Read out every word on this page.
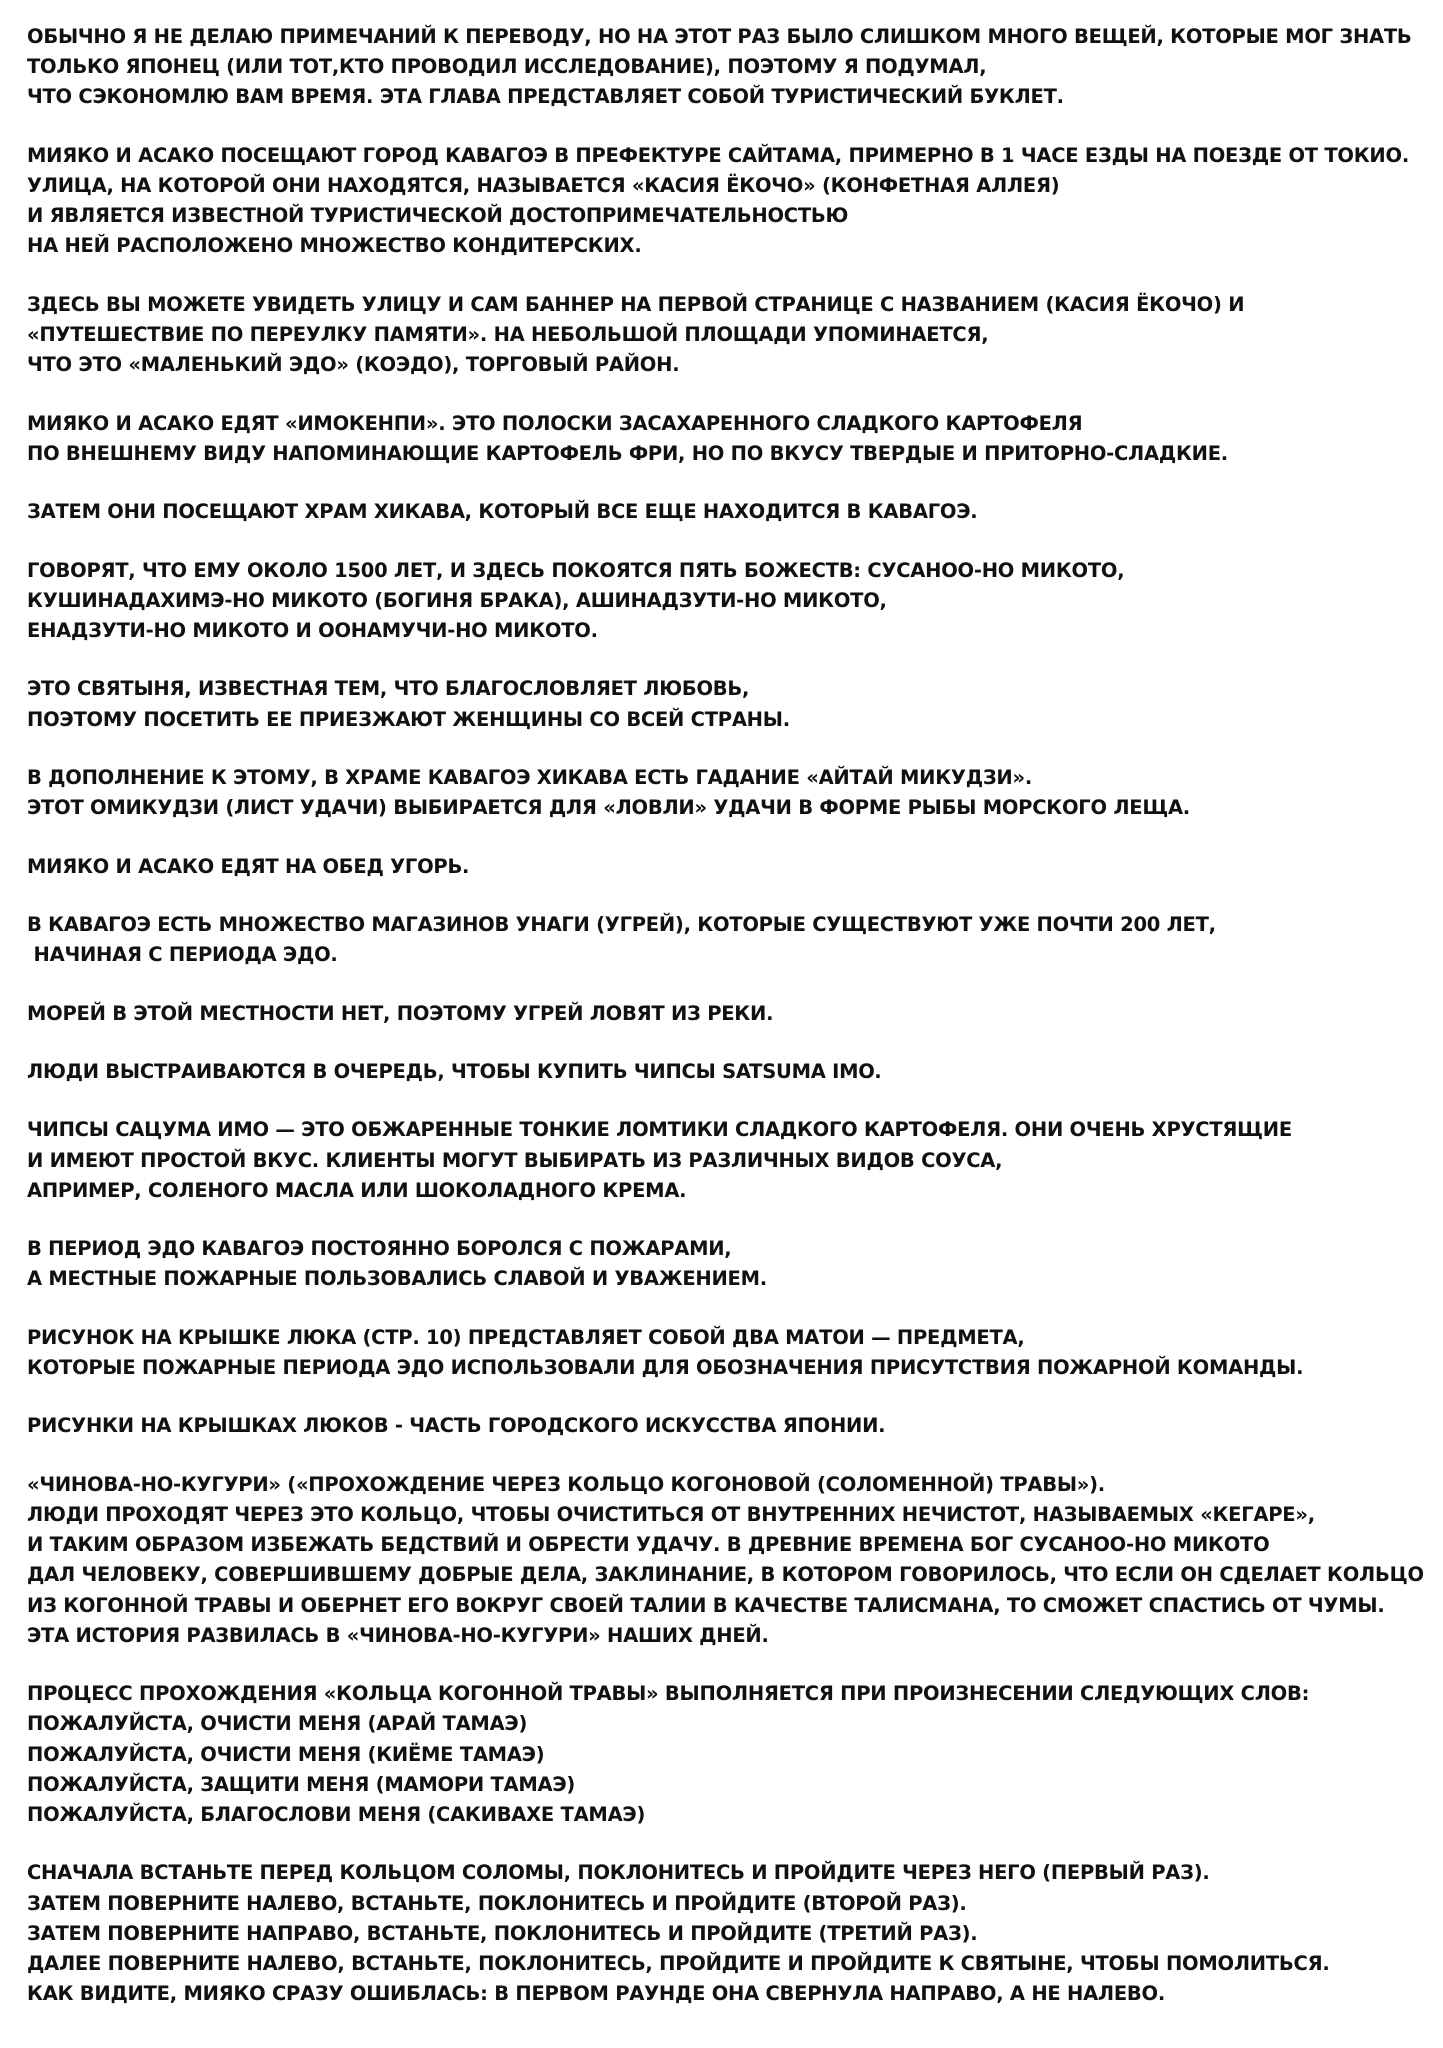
ОБЫЧНО Я НЕ ДЕЛАЮ ПРИМЕЧАНИЙ К ПЕРЕВОДУ, НО НА ЭТОТ РАЗ БЫЛО СЛИШКОМ МНОГО ВЕЩЕЙ, КОТОРЫЕ МОГ ЗНАТЬ
ТОЛЬКО ЯПОНЕЦ (ИЛИ ТОТ,КТО ПРОВОДИЛ ИССЛЕДОВАНИЕ), ПОЭТОМУ Я ПОДУМАЛ,
ЧТО СЭКОНОМЛЮ ВАМ ВРЕМЯ. ЭТА ГЛАВА ПРЕДСТАВЛЯЕТ СОБОЙ ТУРИСТИЧЕСКИЙ БУКЛЕТ.
МИЯКО И АСАКО ПОСЕЩАЮТ ГОРОД КАВАГОЭ В ПРЕФЕКТУРЕ САЙТАМА, ПРИМЕРНО В 1 ЧАСЕ ЕЗДЫ НА ПОЕЗДЕ ОТ ТОКИО.
УЛИЦА, НА КОТОРОЙ ОНИ НАХОДЯТСЯ, НАЗЫВАЕТСЯ «КАСИЯ ЁКОЧО» (КОНФЕТНАЯ АЛЛЕЯ)
И ЯВЛЯЕТСЯ ИЗВЕСТНОЙ ТУРИСТИЧЕСКОЙ ДОСТОПРИМЕЧАТЕЛЬНОСТЬЮ
НА НЕЙ РАСПОЛОЖЕНО МНОЖЕСТВО КОНДИТЕРСКИХ.
ЗДЕСЬ ВЫ МОЖЕТЕ УВИДЕТЬ УЛИЦУ И САМ БАННЕР НА ПЕРВОЙ СТРАНИЦЕ С НАЗВАНИЕМ (КАСИЯ ЁКОЧО) И
«ПУТЕШЕСТВИЕ ПО ПЕРЕУЛКУ ПАМЯТИ». НА НЕБОЛЬШОЙ ПЛОЩАДИ УПОМИНАЕТСЯ,
ЧТО ЭТО «МАЛЕНЬКИЙ ЭДО» (КОЭДО), ТОРГОВЫЙ РАЙОН.
МИЯКО И АСАКО ЕДЯТ «ИМОКЕНПИ». ЭТО ПОЛОСКИ ЗАСАХАРЕННОГО СЛАДКОГО КАРТОФЕЛЯ
ПО ВНЕШНЕМУ ВИДУ НАПОМИНАЮЩИЕ КАРТОФЕЛЬ ФРИ, НО ПО ВКУСУ ТВЕРДЫЕ И ПРИТОРНО-СЛАДКИЕ.
ЗАТЕМ ОНИ ПОСЕЩАЮТ ХРАМ ХИКАВА, КОТОРЫЙ ВСЕ ЕЩЕ НАХОДИТСЯ В КАВАГОЭ.
ГОВОРЯТ, ЧТО ЕМУ ОКОЛО 1500 ЛЕТ, И ЗДЕСЬ ПОКОЯТСЯ ПЯТЬ БОЖЕСТВ: СУСАНОО-НО МИКОТО,
КУШИНАДАХИМЭ-НО МИКОТО (БОГИНЯ БРАКА), АШИНАДЗУТИ-НО МИКОТО,
ЕНАДЗУТИ-НО МИКОТО И ООНАМУЧИ-НО МИКОТО.
ЭТО СВЯТЫНЯ, ИЗВЕСТНАЯ ТЕМ, ЧТО БЛАГОСЛОВЛЯЕТ ЛЮБОВЬ,
ПОЭТОМУ ПОСЕТИТЬ ЕЕ ПРИЕЗЖАЮТ ЖЕНЩИНЫ СО ВСЕЙ СТРАНЫ.
В ДОПОЛНЕНИЕ К ЭТОМУ, В ХРАМЕ КАВАГОЭ ХИКАВА ЕСТЬ ГАДАНИЕ «АЙТАЙ МИКУДЗИ».
ЭТОТ ОМИКУДЗИ (ЛИСТ УДАЧИ) ВЫБИРАЕТСЯ ДЛЯ «ЛОВЛИ» УДАЧИ В ФОРМЕ РЫБЫ МОРСКОГО ЛЕЩА.
МИЯКО И АСАКО ЕДЯТ НА ОБЕД УГОРЬ.
В КАВАГОЭ ЕСТЬ МНОЖЕСТВО МАГАЗИНОВ УНАГИ (УГРЕЙ), КОТОРЫЕ СУЩЕСТВУЮТ УЖЕ ПОЧТИ 200 ЛЕТ,
НАЧИНАЯ С ПЕРИОДА ЭДО.
МОРЕЙ В ЭТОЙ МЕСТНОСТИ НЕТ, ПОЭТОМУ УГРЕЙ ЛОВЯТ ИЗ РЕКИ.
ЛЮДИ ВЫСТРАИВАЮТСЯ В ОЧЕРЕДЬ, ЧТОБЫ КУПИТЬ ЧИПСЫ SATSUMA IMO.
ЧИПСЫ САЦУМА ИМО — ЭТО ОБЖАРЕННЫЕ ТОНКИЕ ЛОМТИКИ СЛАДКОГО КАРТОФЕЛЯ. ОНИ ОЧЕНЬ ХРУСТЯЩИЕ
И ИМЕЮТ ПРОСТОЙ ВКУС. КЛИЕНТЫ МОГУТ ВЫБИРАТЬ ИЗ РАЗЛИЧНЫХ ВИДОВ СОУСА,
АПРИМЕР, СОЛЕНОГО МАСЛА ИЛИ ШОКОЛАДНОГО КРЕМА.
В ПЕРИОД ЭДО КАВАГОЭ ПОСТОЯННО БОРОЛСЯ С ПОЖАРАМИ,
А МЕСТНЫЕ ПОЖАРНЫЕ ПОЛЬЗОВАЛИСЬ СЛАВОЙ И УВАЖЕНИЕМ.
РИСУНОК НА КРЫШКЕ ЛЮКА (СТР. 10) ПРЕДСТАВЛЯЕТ СОБОЙ ДВА МАТОИ — ПРЕДМЕТА,
КОТОРЫЕ ПОЖАРНЫЕ ПЕРИОДА ЭДО ИСПОЛЬЗОВАЛИ ДЛЯ ОБОЗНАЧЕНИЯ ПРИСУТСТВИЯ ПОЖАРНОЙ КОМАНДЫ.
РИСУНКИ НА КРЫШКАХ ЛЮКОВ - ЧАСТЬ ГОРОДСКОГО ИСКУССТВА ЯПОНИИ.
«ЧИНОВА-НО-КУГУРИ» («ПРОХОЖДЕНИЕ ЧЕРЕЗ КОЛЬЦО КОГОНОВОЙ (СОЛОМЕННОЙ) ТРАВЫ»).
ЛЮДИ ПРОХОДЯТ ЧЕРЕЗ ЭТО КОЛЬЦО, ЧТОБЫ ОЧИСТИТЬСЯ ОТ ВНУТРЕННИХ НЕЧИСТОТ, НАЗЫВАЕМЫХ «КЕГАРЕ»,
И ТАКИМ ОБРАЗОМ ИЗБЕЖАТЬ БЕДСТВИЙ И ОБРЕСТИ УДАЧУ. В ДРЕВНИЕ ВРЕМЕНА БОГ СУСАНОО-НО МИКОТО
ДАЛ ЧЕЛОВЕКУ, СОВЕРШИВШЕМУ ДОБРЫЕ ДЕЛА, ЗАКЛИНАНИЕ, В КОТОРОМ ГОВОРИЛОСЬ, ЧТО ЕСЛИ ОН СДЕЛАЕТ КОЛЬЦО
ИЗ КОГОННОЙ ТРАВЫ И ОБЕРНЕТ ЕГО ВОКРУГ СВОЕЙ ТАЛИИ В КАЧЕСТВЕ ТАЛИСМАНА, ТО СМОЖЕТ СПАСТИСЬ ОТ ЧУМЫ.
ЭТА ИСТОРИЯ РАЗВИЛАСЬ В «ЧИНОВА-НО-КУГУРИ» НАШИХ ДНЕЙ.
ПРОЦЕСС ПРОХОЖДЕНИЯ «КОЛЬЦА КОГОННОЙ ТРАВЫ» ВЫПОЛНЯЕТСЯ ПРИ ПРОИЗНЕСЕНИИ СЛЕДУЮЩИХ СЛОВ:
ПОЖАЛУЙСТА, ОЧИСТИ МЕНЯ (АРАЙ ТАМАЭ)
ПОЖАЛУЙСТА, ОЧИСТИ МЕНЯ (КИЁМЕ ТАМАЭ)
ПОЖАЛУЙСТА, ЗАЩИТИ МЕНЯ (МАМОРИ ТАМАЭ)
ПОЖАЛУЙСТА, БЛАГОСЛОВИ МЕНЯ (САКИВАХЕ ТАМАЭ)
СНАЧАЛА ВСТАНЬТЕ ПЕРЕД КОЛЬЦОМ СОЛОМЫ, ПОКЛОНИТЕСЬ И ПРОЙДИТЕ ЧЕРЕЗ НЕГО (ПЕРВЫЙ РАЗ).
ЗАТЕМ ПОВЕРНИТЕ НАЛЕВО, ВСТАНЬТЕ, ПОКЛОНИТЕСЬ И ПРОЙДИТЕ (ВТОРОЙ РАЗ).
ЗАТЕМ ПОВЕРНИТЕ НАПРАВО, ВСТАНЬТЕ, ПОКЛОНИТЕСЬ И ПРОЙДИТЕ (ТРЕТИЙ РАЗ).
ДАЛЕЕ ПОВЕРНИТЕ НАЛЕВО, ВСТАНЬТЕ, ПОКЛОНИТЕСЬ, ПРОЙДИТЕ И ПРОЙДИТЕ К СВЯТЫНЕ, ЧТОБЫ ПОМОЛИТЬСЯ.
КАК ВИДИТЕ, МИЯКО СРАЗУ ОШИБЛАСЬ: В ПЕРВОМ РАУНДЕ ОНА СВЕРНУЛА НАПРАВО, А НЕ НАЛЕВО.
